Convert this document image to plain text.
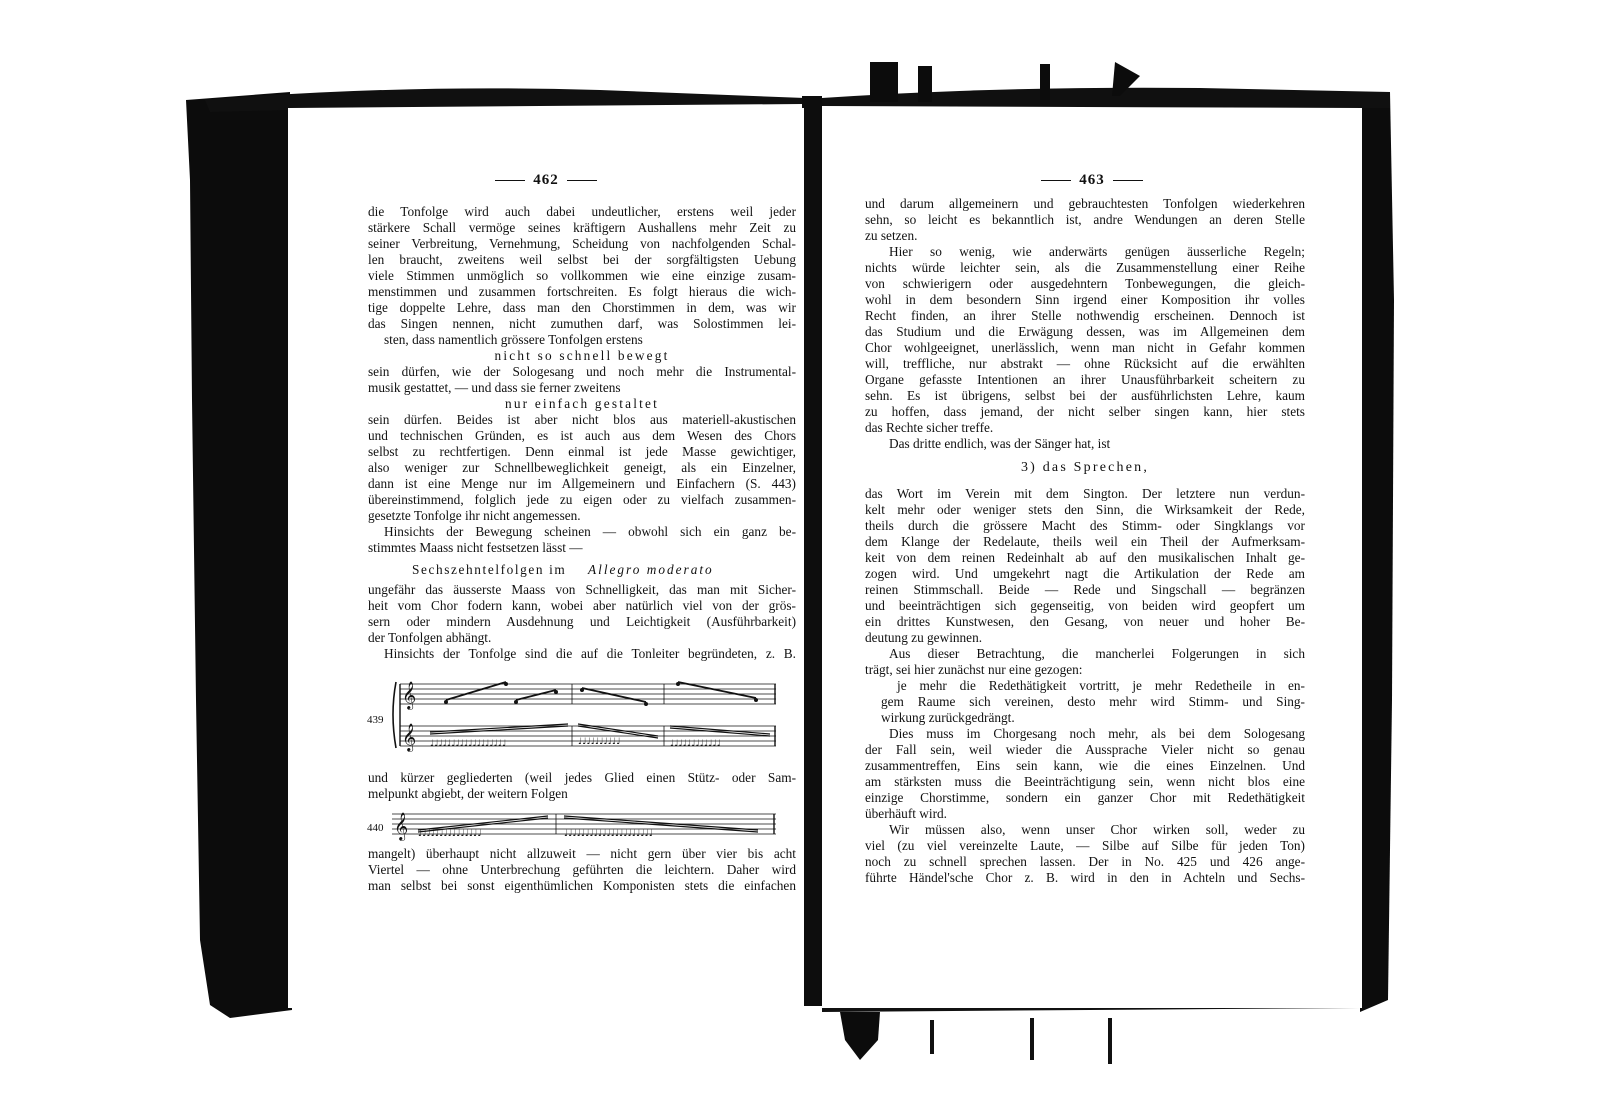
462
die Tonfolge wird auch dabei undeutlicher, erstens weil jeder
stärkere Schall vermöge seines kräftigern Aushallens mehr Zeit zu
seiner Verbreitung, Vernehmung, Scheidung von nachfolgenden Schal-
len braucht, zweitens weil selbst bei der sorgfältigsten Uebung
viele Stimmen unmöglich so vollkommen wie eine einzige zusam-
menstimmen und zusammen fortschreiten. Es folgt hieraus die wich-
tige doppelte Lehre, dass man den Chorstimmen in dem, was wir
das Singen nennen, nicht zumuthen darf, was Solostimmen lei-
sten, dass namentlich grössere Tonfolgen erstens
nicht so schnell bewegt
sein dürfen, wie der Sologesang und noch mehr die Instrumental-
musik gestattet, — und dass sie ferner zweitens
nur einfach gestaltet
sein dürfen. Beides ist aber nicht blos aus materiell-akustischen
und technischen Gründen, es ist auch aus dem Wesen des Chors
selbst zu rechtfertigen. Denn einmal ist jede Masse gewichtiger,
also weniger zur Schnellbeweglichkeit geneigt, als ein Einzelner,
dann ist eine Menge nur im Allgemeinern und Einfachern (S. 443)
übereinstimmend, folglich jede zu eigen oder zu vielfach zusammen-
gesetzte Tonfolge ihr nicht angemessen.
Hinsichts der Bewegung scheinen — obwohl sich ein ganz be-
stimmtes Maass nicht festsetzen lässt —
Sechszehntelfolgen im	Allegro moderato
ungefähr das äusserste Maass von Schnelligkeit, das man mit Sicher-
heit vom Chor fodern kann, wobei aber natürlich viel von der grös-
sern oder mindern Ausdehnung und Leichtigkeit (Ausführbarkeit)
der Tonfolgen abhängt.
Hinsichts der Tonfolge sind die auf die Tonleiter begründeten, z. B.
439
𝄞
𝄞 ♩♩♩♩♩♩♩♩♩♩♩♩♩♩♩♩♩♩	♩♩♩♩♩♩♩♩♩♩	♩♩♩♩♩♩♩♩♩♩♩♩
und kürzer gegliederten (weil jedes Glied einen Stütz- oder Sam-
melpunkt abgiebt, der weitern Folgen
440 𝄞 ♩♩♩♩♩♩♩♩♩♩♩♩♩♩♩	♩♩♩♩♩♩♩♩♩♩♩♩♩♩♩♩♩♩♩♩♩
mangelt) überhaupt nicht allzuweit — nicht gern über vier bis acht
Viertel — ohne Unterbrechung geführten die leichtern. Daher wird
man selbst bei sonst eigenthümlichen Komponisten stets die einfachen
463
und darum allgemeinern und gebrauchtesten Tonfolgen wiederkehren
sehn, so leicht es bekanntlich ist, andre Wendungen an deren Stelle
zu setzen.
Hier so wenig, wie anderwärts genügen äusserliche Regeln;
nichts würde leichter sein, als die Zusammenstellung einer Reihe
von schwierigern oder ausgedehntern Tonbewegungen, die gleich-
wohl in dem besondern Sinn irgend einer Komposition ihr volles
Recht finden, an ihrer Stelle nothwendig erscheinen. Dennoch ist
das Studium und die Erwägung dessen, was im Allgemeinen dem
Chor wohlgeeignet, unerlässlich, wenn man nicht in Gefahr kommen
will, treffliche, nur abstrakt — ohne Rücksicht auf die erwählten
Organe gefasste Intentionen an ihrer Unausführbarkeit scheitern zu
sehn. Es ist übrigens, selbst bei der ausführlichsten Lehre, kaum
zu hoffen, dass jemand, der nicht selber singen kann, hier stets
das Rechte sicher treffe.
Das dritte endlich, was der Sänger hat, ist
3) das Sprechen,
das Wort im Verein mit dem Sington. Der letztere nun verdun-
kelt mehr oder weniger stets den Sinn, die Wirksamkeit der Rede,
theils durch die grössere Macht des Stimm- oder Singklangs vor
dem Klange der Redelaute, theils weil ein Theil der Aufmerksam-
keit von dem reinen Redeinhalt ab auf den musikalischen Inhalt ge-
zogen wird. Und umgekehrt nagt die Artikulation der Rede am
reinen Stimmschall. Beide — Rede und Singschall — begränzen
und beeinträchtigen sich gegenseitig, von beiden wird geopfert um
ein drittes Kunstwesen, den Gesang, von neuer und hoher Be-
deutung zu gewinnen.
Aus dieser Betrachtung, die mancherlei Folgerungen in sich
trägt, sei hier zunächst nur eine gezogen:
je mehr die Redethätigkeit vortritt, je mehr Redetheile in en-
gem Raume sich vereinen, desto mehr wird Stimm- und Sing-
wirkung zurückgedrängt.
Dies muss im Chorgesang noch mehr, als bei dem Sologesang
der Fall sein, weil wieder die Aussprache Vieler nicht so genau
zusammentreffen, Eins sein kann, wie die eines Einzelnen. Und
am stärksten muss die Beeinträchtigung sein, wenn nicht blos eine
einzige Chorstimme, sondern ein ganzer Chor mit Redethätigkeit
überhäuft wird.
Wir müssen also, wenn unser Chor wirken soll, weder zu
viel (zu viel vereinzelte Laute, — Silbe auf Silbe für jeden Ton)
noch zu schnell sprechen lassen. Der in No. 425 und 426 ange-
führte Händel'sche Chor z. B. wird in den in Achteln und Sechs-
